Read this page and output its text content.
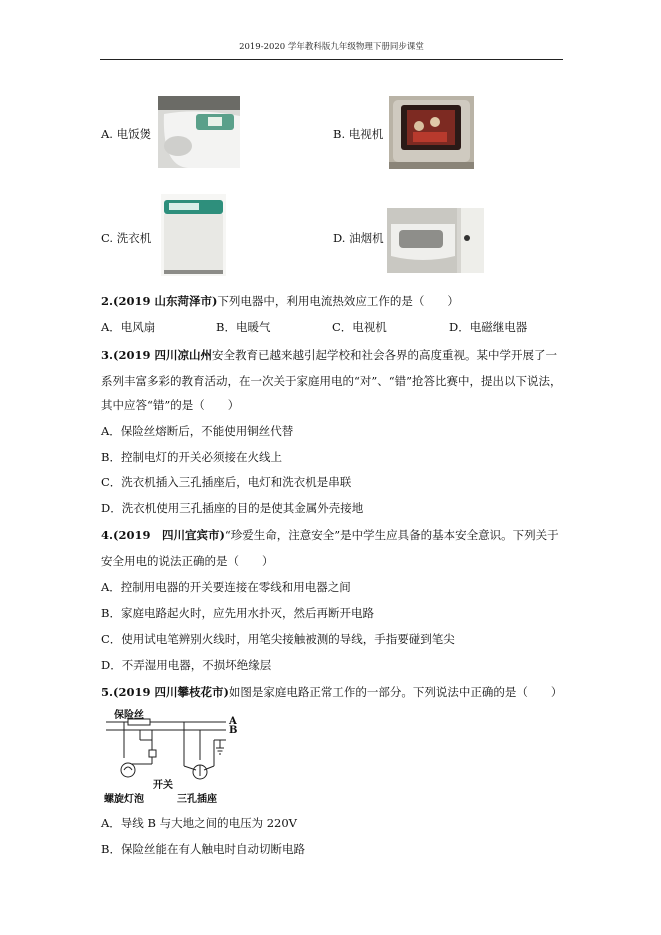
2019-2020 学年教科版九年级物理下册同步课堂
A. 电饭煲	B. 电视机
C. 洗衣机	D. 油烟机
2.(2019 山东菏泽市)下列电器中，利用电流热效应工作的是（　　）
A．电风扇	B．电暖气	C．电视机	D．电磁继电器
3.(2019 四川凉山州安全教育已越来越引起学校和社会各界的高度重视。某中学开展了一
系列丰富多彩的教育活动，在一次关于家庭用电的“对”、“错”抢答比赛中，提出以下说法，
其中应答“错”的是（　　）
A．保险丝熔断后，不能使用铜丝代替
B．控制电灯的开关必须接在火线上
C．洗衣机插入三孔插座后，电灯和洗衣机是串联
D．洗衣机使用三孔插座的目的是使其金属外壳接地
4.(2019　四川宜宾市)“珍爱生命，注意安全”是中学生应具备的基本安全意识。下列关于
安全用电的说法正确的是（　　）
A．控制用电器的开关要连接在零线和用电器之间
B．家庭电路起火时，应先用水扑灭，然后再断开电路
C．使用试电笔辨别火线时，用笔尖接触被测的导线，手指要碰到笔尖
D．不弄湿用电器，不损坏绝缘层
5.(2019 四川攀枝花市)如图是家庭电路正常工作的一部分。下列说法中正确的是（　　）
保险丝
A
B
开关
螺旋灯泡	三孔插座
A．导线 B 与大地之间的电压为 220V
B．保险丝能在有人触电时自动切断电路
